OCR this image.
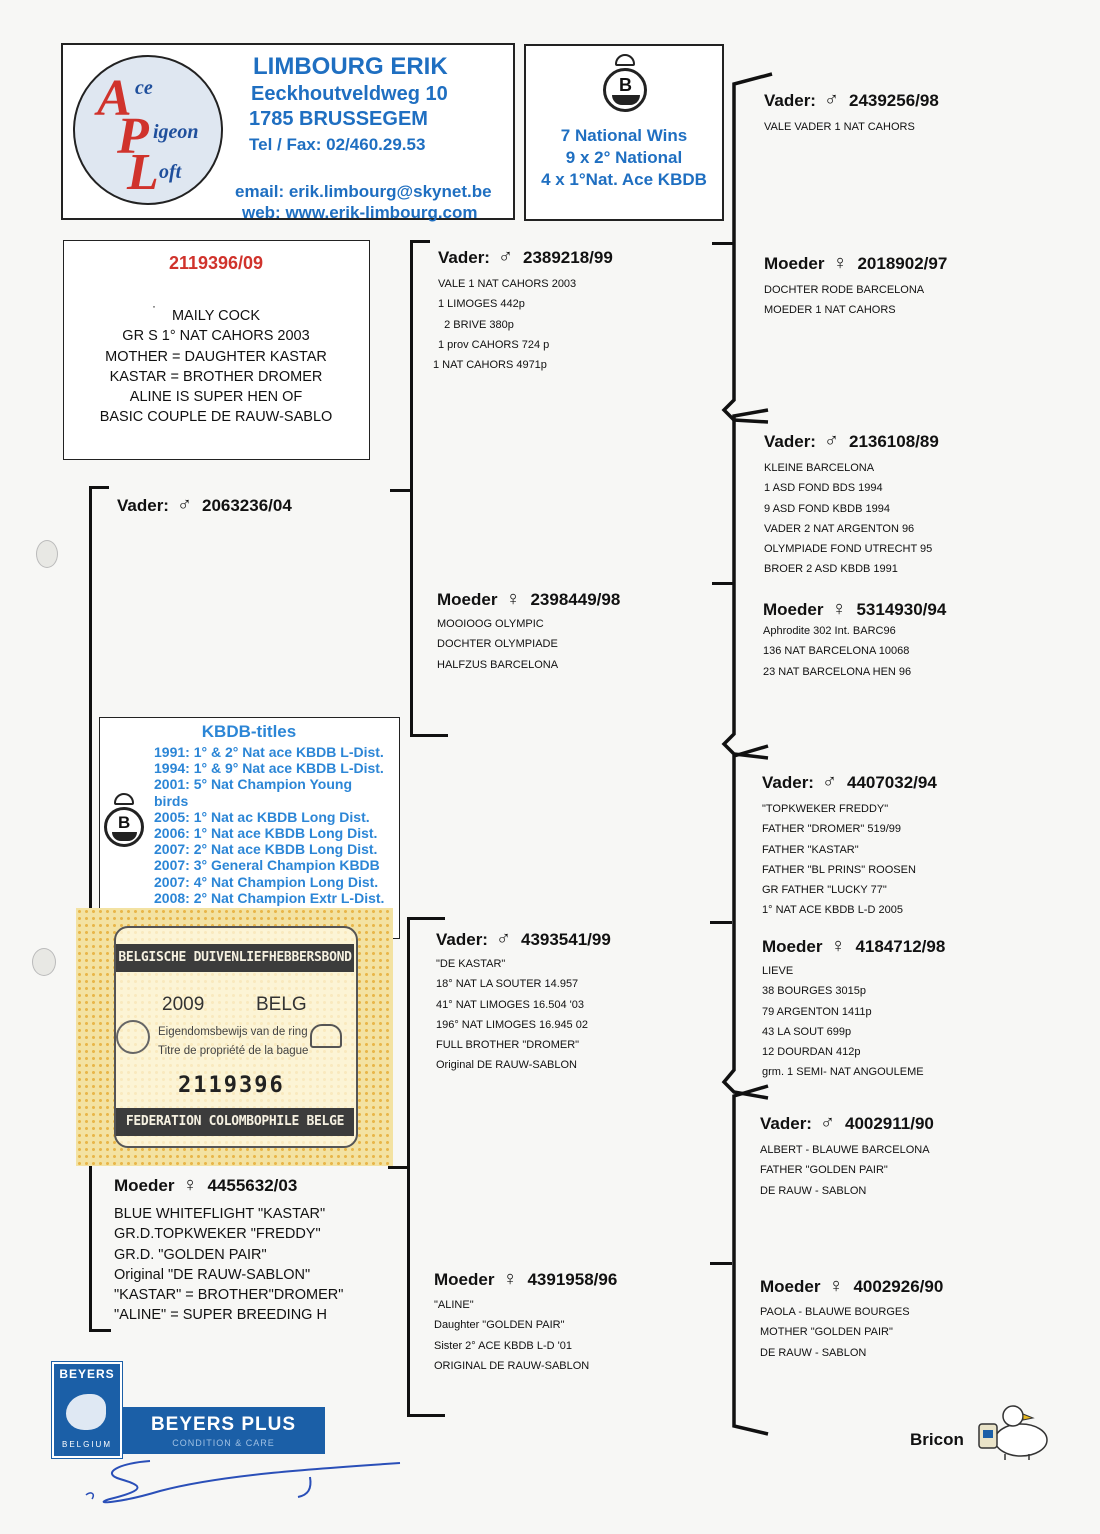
A ce
P igeon
L oft
LIMBOURG ERIK
Eeckhoutveldweg 10
1785 BRUSSEGEM
Tel / Fax: 02/460.29.53
email: erik.limbourg@skynet.be
web: www.erik-limbourg.com
B
7 National Wins
9 x 2° National
4 x 1°Nat. Ace KBDB
2119396/09
·
MAILY COCK
GR S 1° NAT CAHORS 2003
MOTHER = DAUGHTER KASTAR
KASTAR = BROTHER DROMER
ALINE IS SUPER HEN OF
BASIC COUPLE DE RAUW-SABLO
Vader: ♂ 2063236/04
Moeder ♀ 4455632/03
BLUE WHITEFLIGHT "KASTAR"
GR.D.TOPKWEKER "FREDDY"
GR.D. "GOLDEN PAIR"
Original "DE RAUW-SABLON"
"KASTAR" = BROTHER"DROMER"
"ALINE" = SUPER BREEDING H
Vader: ♂ 2389218/99
VALE 1 NAT CAHORS 2003
1 LIMOGES 442p
2 BRIVE 380p
1 prov CAHORS 724 p
1 NAT CAHORS 4971p
Moeder ♀ 2398449/98
MOOIOOG OLYMPIC
DOCHTER OLYMPIADE
HALFZUS BARCELONA
Vader: ♂ 4393541/99
"DE KASTAR"
18° NAT LA SOUTER 14.957
41° NAT LIMOGES 16.504 '03
196° NAT LIMOGES 16.945 02
FULL BROTHER "DROMER"
Original DE RAUW-SABLON
Moeder ♀ 4391958/96
"ALINE"
Daughter "GOLDEN PAIR"
Sister 2° ACE KBDB L-D '01
ORIGINAL DE RAUW-SABLON
Vader: ♂ 2439256/98
VALE VADER 1 NAT CAHORS
Moeder ♀ 2018902/97
DOCHTER RODE BARCELONA
MOEDER 1 NAT CAHORS
Vader: ♂ 2136108/89
KLEINE BARCELONA
1 ASD FOND BDS 1994
9 ASD FOND KBDB 1994
VADER 2 NAT ARGENTON 96
OLYMPIADE FOND UTRECHT 95
BROER 2 ASD KBDB 1991
Moeder ♀ 5314930/94
Aphrodite 302 Int. BARC96
136 NAT BARCELONA 10068
23 NAT BARCELONA HEN 96
Vader: ♂ 4407032/94
"TOPKWEKER FREDDY"
FATHER "DROMER" 519/99
FATHER "KASTAR"
FATHER "BL PRINS" ROOSEN
GR FATHER "LUCKY 77"
1° NAT ACE KBDB L-D 2005
Moeder ♀ 4184712/98
LIEVE
38 BOURGES 3015p
79 ARGENTON 1411p
43 LA SOUT 699p
12 DOURDAN 412p
grm. 1 SEMI- NAT ANGOULEME
Vader: ♂ 4002911/90
ALBERT - BLAUWE BARCELONA
FATHER "GOLDEN PAIR"
DE RAUW - SABLON
Moeder ♀ 4002926/90
PAOLA - BLAUWE BOURGES
MOTHER "GOLDEN PAIR"
DE RAUW - SABLON
KBDB-titles
B
1991: 1° & 2° Nat ace KBDB L-Dist.
1994: 1° & 9° Nat ace KBDB L-Dist.
2001: 5° Nat Champion Young
birds
2005: 1° Nat ac KBDB Long Dist.
2006: 1° Nat ace KBDB Long Dist.
2007: 2° Nat ace KBDB Long Dist.
2007: 3° General Champion KBDB
2007: 4° Nat Champion Long Dist.
2008: 2° Nat Champion Extr L-Dist.
BELGISCHE DUIVENLIEFHEBBERSBOND
2009	BELG
Eigendomsbewijs van de ring
Titre de propriété de la bague
2119396
FEDERATION COLOMBOPHILE BELGE
BEYERS
BELGIUM
BEYERS PLUS
CONDITION & CARE	Bricon
